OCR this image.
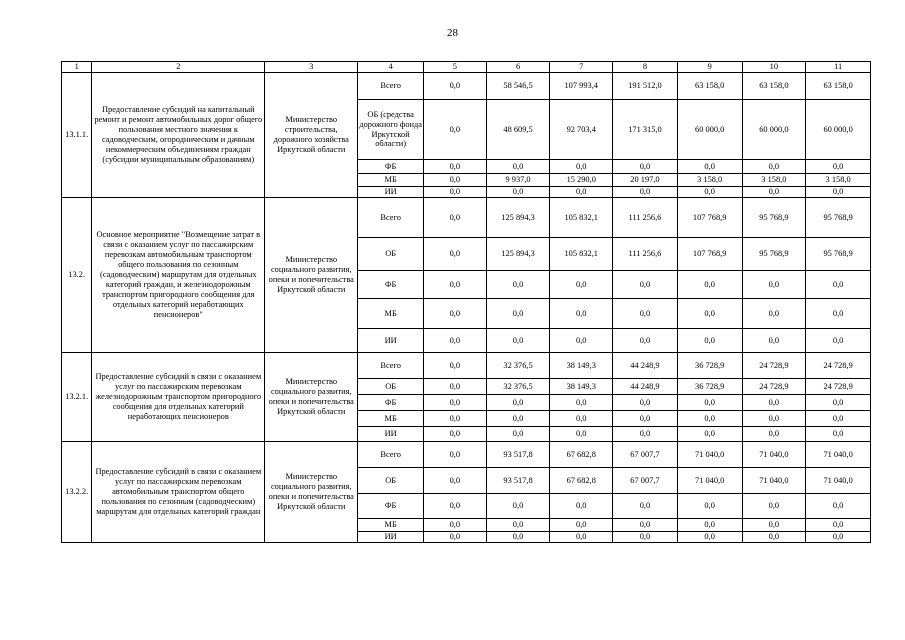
28
1	2	3	4	5	6	7	8	9	10	11
13.1.1.	Предоставление субсидий на капитальный ремонт и ремонт автомобильных дорог общего пользования местного значения к садоводческим, огородническим и дачным некоммерческим объединениям граждан (субсидии муниципальным образованиям)	Министерство строительства, дорожного хозяйства Иркутской области	Всего	0,0	58 546,5	107 993,4	191 512,0	63 158,0	63 158,0	63 158,0
			ОБ (средства дорожного фонда Иркутской области)	0,0	48 609,5	92 703,4	171 315,0	60 000,0	60 000,0	60 000,0
			ФБ	0,0	0,0	0,0	0,0	0,0	0,0	0,0
			МБ	0,0	9 937,0	15 290,0	20 197,0	3 158,0	3 158,0	3 158,0
			ИИ	0,0	0,0	0,0	0,0	0,0	0,0	0,0
13.2.	Основное мероприятие "Возмещение затрат в связи с оказанием услуг по пассажирским перевозкам автомобильным транспортом общего пользования по сезонным (садоводческим) маршрутам для отдельных категорий граждан, и железнодорожным транспортом пригородного сообщения для отдельных категорий неработающих пенсионеров"	Министерство социального развития, опеки и попечительства Иркутской области	Всего	0,0	125 894,3	105 832,1	111 256,6	107 768,9	95 768,9	95 768,9
			ОБ	0,0	125 894,3	105 832,1	111 256,6	107 768,9	95 768,9	95 768,9
			ФБ	0,0	0,0	0,0	0,0	0,0	0,0	0,0
			МБ	0,0	0,0	0,0	0,0	0,0	0,0	0,0
			ИИ	0,0	0,0	0,0	0,0	0,0	0,0	0,0
13.2.1.	Предоставление субсидий в связи с оказанием услуг по пассажирским перевозкам железнодорожным транспортом пригородного сообщения для отдельных категорий неработающих пенсионеров	Министерство социального развития, опеки и попечительства Иркутской области	Всего	0,0	32 376,5	38 149,3	44 248,9	36 728,9	24 728,9	24 728,9
			ОБ	0,0	32 376,5	38 149,3	44 248,9	36 728,9	24 728,9	24 728,9
			ФБ	0,0	0,0	0,0	0,0	0,0	0,0	0,0
			МБ	0,0	0,0	0,0	0,0	0,0	0,0	0,0
			ИИ	0,0	0,0	0,0	0,0	0,0	0,0	0,0
13.2.2.	Предоставление субсидий в связи с оказанием услуг по пассажирским перевозкам автомобильным транспортом общего пользования по сезонным (садоводческим) маршрутам для отдельных категорий граждан	Министерство социального развития, опеки и попечительства Иркутской области	Всего	0,0	93 517,8	67 682,8	67 007,7	71 040,0	71 040,0	71 040,0
			ОБ	0,0	93 517,8	67 682,8	67 007,7	71 040,0	71 040,0	71 040,0
			ФБ	0,0	0,0	0,0	0,0	0,0	0,0	0,0
			МБ	0,0	0,0	0,0	0,0	0,0	0,0	0,0
			ИИ	0,0	0,0	0,0	0,0	0,0	0,0	0,0
